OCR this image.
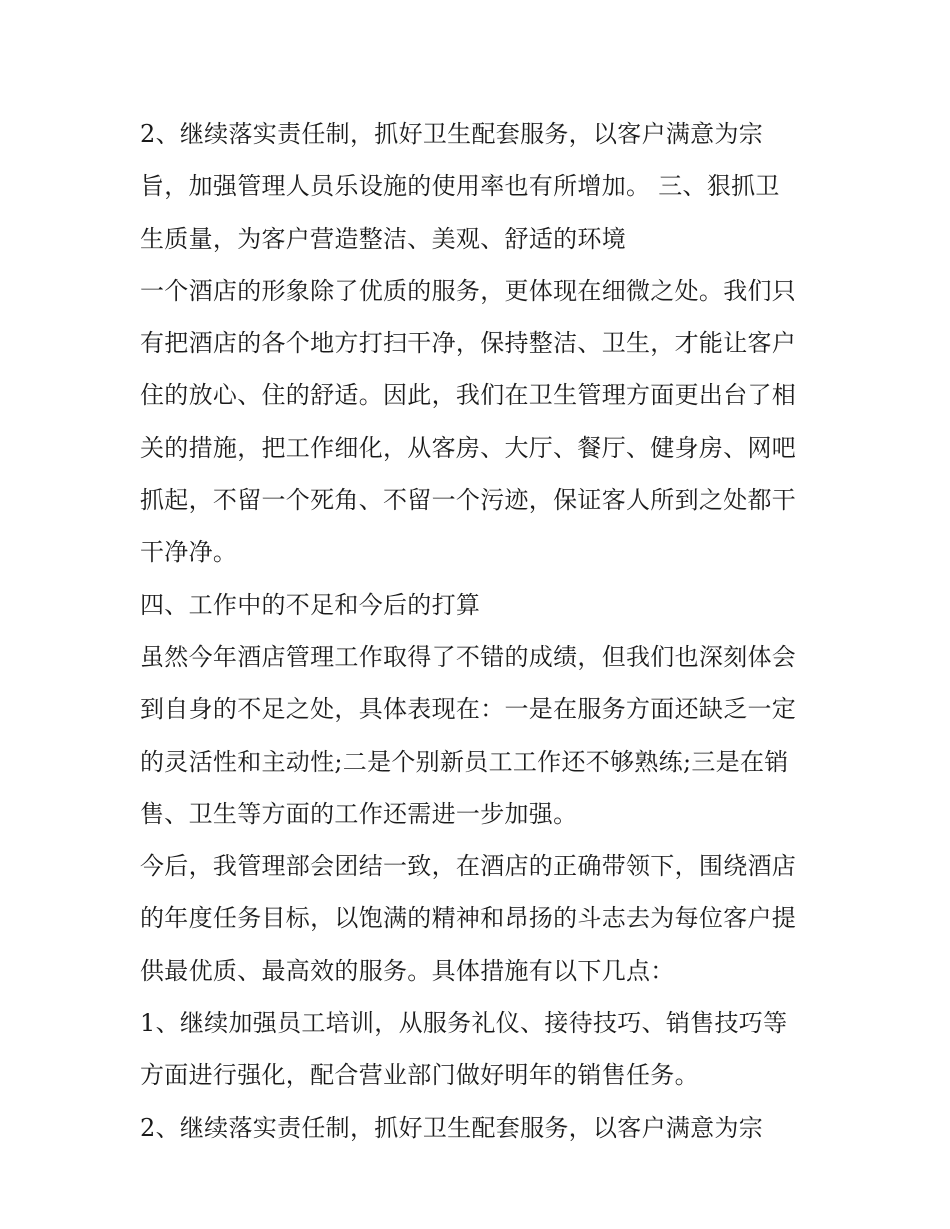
2、继续落实责任制，抓好卫生配套服务，以客户满意为宗
旨，加强管理人员乐设施的使用率也有所增加。 三、狠抓卫
生质量，为客户营造整洁、美观、舒适的环境
一个酒店的形象除了优质的服务，更体现在细微之处。我们只
有把酒店的各个地方打扫干净，保持整洁、卫生，才能让客户
住的放心、住的舒适。因此，我们在卫生管理方面更出台了相
关的措施，把工作细化，从客房、大厅、餐厅、健身房、网吧
抓起，不留一个死角、不留一个污迹，保证客人所到之处都干
干净净。
四、工作中的不足和今后的打算
虽然今年酒店管理工作取得了不错的成绩，但我们也深刻体会
到自身的不足之处，具体表现在：一是在服务方面还缺乏一定
的灵活性和主动性;二是个别新员工工作还不够熟练;三是在销
售、卫生等方面的工作还需进一步加强。
今后，我管理部会团结一致，在酒店的正确带领下，围绕酒店
的年度任务目标，以饱满的精神和昂扬的斗志去为每位客户提
供最优质、最高效的服务。具体措施有以下几点：
1、继续加强员工培训，从服务礼仪、接待技巧、销售技巧等
方面进行强化，配合营业部门做好明年的销售任务。
2、继续落实责任制，抓好卫生配套服务，以客户满意为宗
